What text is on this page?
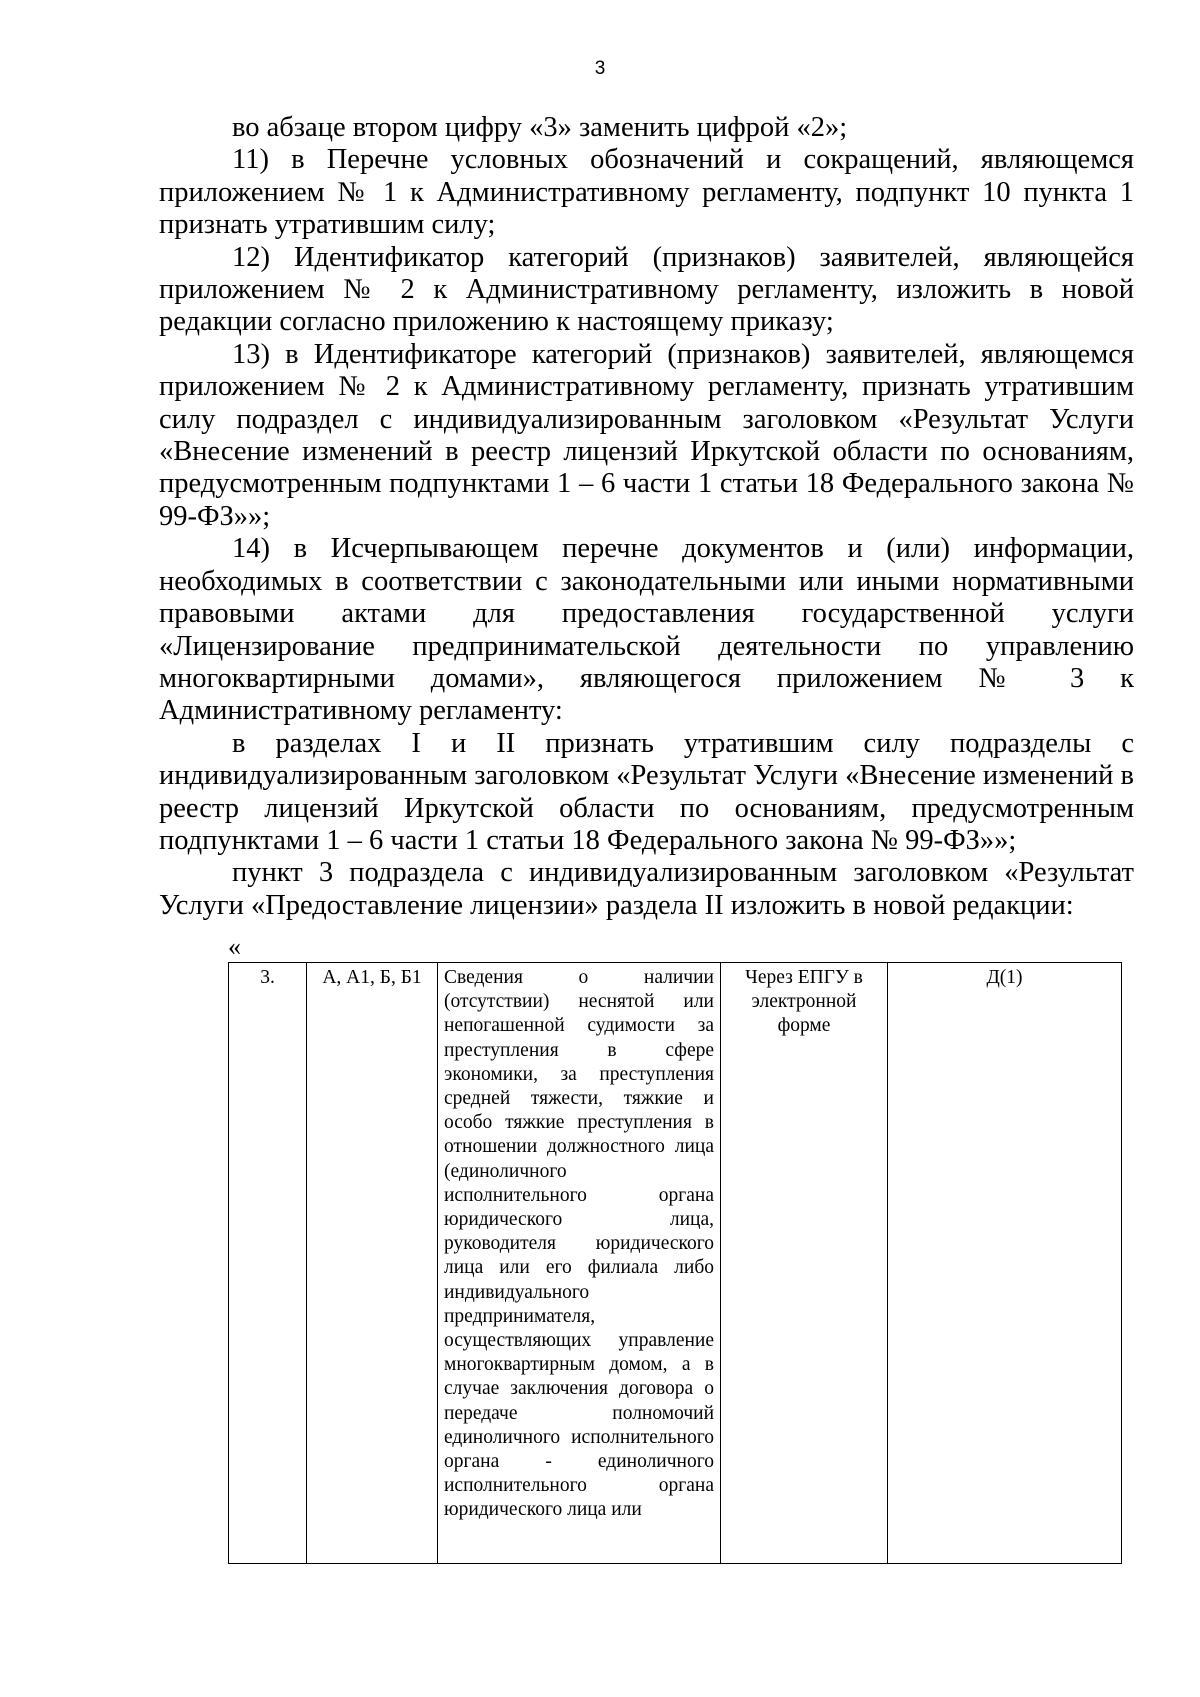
3

во абзаце втором цифру «3» заменить цифрой «2»;

11) в Перечне условных обозначений и сокращений, являющемся приложением № 1 к Административному регламенту, подпункт 10 пункта 1 признать утратившим силу;

12) Идентификатор категорий (признаков) заявителей, являющейся приложением № 2 к Административному регламенту, изложить в новой редакции согласно приложению к настоящему приказу;

13) в Идентификаторе категорий (признаков) заявителей, являющемся приложением № 2 к Административному регламенту, признать утратившим силу подраздел с индивидуализированным заголовком «Результат Услуги «Внесение изменений в реестр лицензий Иркутской области по основаниям, предусмотренным подпунктами 1 – 6 части 1 статьи 18 Федерального закона № 99-ФЗ»»;

14) в Исчерпывающем перечне документов и (или) информации, необходимых в соответствии с законодательными или иными нормативными правовыми актами для предоставления государственной услуги «Лицензирование предпринимательской деятельности по управлению многоквартирными домами», являющегося приложением № 3 к Административному регламенту:

в разделах I и II признать утратившим силу подразделы с индивидуализированным заголовком «Результат Услуги «Внесение изменений в реестр лицензий Иркутской области по основаниям, предусмотренным подпунктами 1 – 6 части 1 статьи 18 Федерального закона № 99-ФЗ»»;

пункт 3 подраздела с индивидуализированным заголовком «Результат Услуги «Предоставление лицензии» раздела II изложить в новой редакции:

«
3.	А, А1, Б, Б1	Сведения о наличии (отсутствии) неснятой или непогашенной судимости за преступления в сфере экономики, за преступления средней тяжести, тяжкие и особо тяжкие преступления в отношении должностного лица (единоличного исполнительного органа юридического лица, руководителя юридического лица или его филиала либо индивидуального предпринимателя, осуществляющих управление многоквартирным домом, а в случае заключения договора о передаче полномочий единоличного исполнительного органа - единоличного исполнительного органа юридического лица или	Через ЕПГУ в электронной форме	Д(1)
